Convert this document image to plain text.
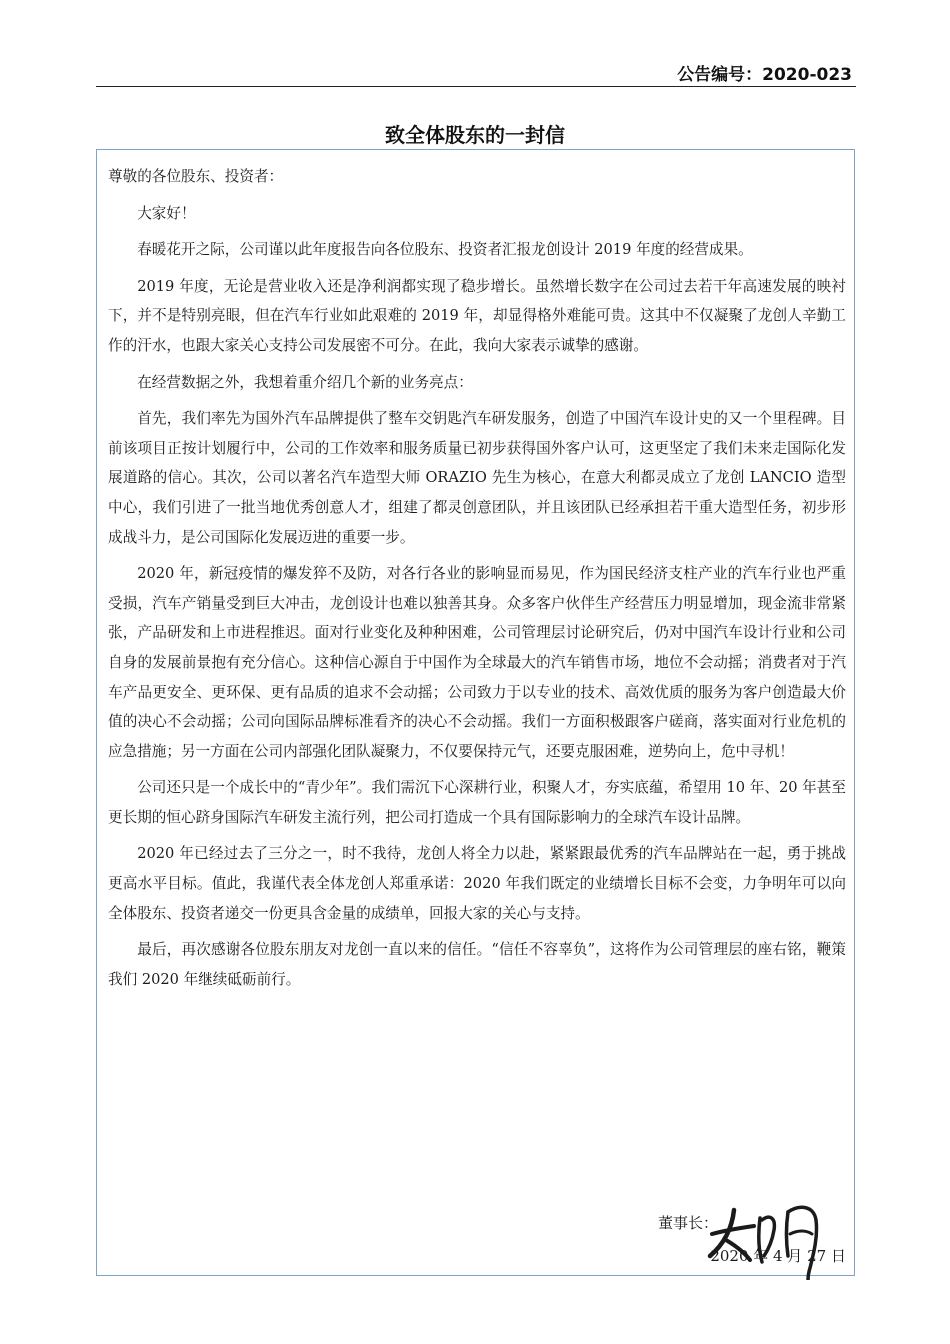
公告编号：2020-023
致全体股东的一封信

尊敬的各位股东、投资者：

大家好！

春暖花开之际，公司谨以此年度报告向各位股东、投资者汇报龙创设计 2019 年度的经营成果。

2019 年度，无论是营业收入还是净利润都实现了稳步增长。虽然增长数字在公司过去若干年高速发展的映衬下，并不是特别亮眼，但在汽车行业如此艰难的 2019 年，却显得格外难能可贵。这其中不仅凝聚了龙创人辛勤工作的汗水，也跟大家关心支持公司发展密不可分。在此，我向大家表示诚挚的感谢。

在经营数据之外，我想着重介绍几个新的业务亮点：

首先，我们率先为国外汽车品牌提供了整车交钥匙汽车研发服务，创造了中国汽车设计史的又一个里程碑。目前该项目正按计划履行中，公司的工作效率和服务质量已初步获得国外客户认可，这更坚定了我们未来走国际化发展道路的信心。其次，公司以著名汽车造型大师 ORAZIO 先生为核心，在意大利都灵成立了龙创 LANCIO 造型中心，我们引进了一批当地优秀创意人才，组建了都灵创意团队，并且该团队已经承担若干重大造型任务，初步形成战斗力，是公司国际化发展迈进的重要一步。

2020 年，新冠疫情的爆发猝不及防，对各行各业的影响显而易见，作为国民经济支柱产业的汽车行业也严重受损，汽车产销量受到巨大冲击，龙创设计也难以独善其身。众多客户伙伴生产经营压力明显增加，现金流非常紧张，产品研发和上市进程推迟。面对行业变化及种种困难，公司管理层讨论研究后，仍对中国汽车设计行业和公司自身的发展前景抱有充分信心。这种信心源自于中国作为全球最大的汽车销售市场，地位不会动摇；消费者对于汽车产品更安全、更环保、更有品质的追求不会动摇；公司致力于以专业的技术、高效优质的服务为客户创造最大价值的决心不会动摇；公司向国际品牌标准看齐的决心不会动摇。我们一方面积极跟客户磋商，落实面对行业危机的应急措施；另一方面在公司内部强化团队凝聚力，不仅要保持元气，还要克服困难，逆势向上，危中寻机！

公司还只是一个成长中的“青少年”。我们需沉下心深耕行业，积聚人才，夯实底蕴，希望用 10 年、20 年甚至更长期的恒心跻身国际汽车研发主流行列，把公司打造成一个具有国际影响力的全球汽车设计品牌。

2020 年已经过去了三分之一，时不我待，龙创人将全力以赴，紧紧跟最优秀的汽车品牌站在一起，勇于挑战更高水平目标。值此，我谨代表全体龙创人郑重承诺：2020 年我们既定的业绩增长目标不会变，力争明年可以向全体股东、投资者递交一份更具含金量的成绩单，回报大家的关心与支持。

最后，再次感谢各位股东朋友对龙创一直以来的信任。“信任不容辜负”，这将作为公司管理层的座右铭，鞭策我们 2020 年继续砥砺前行。

董事长：
2020 年 4 月 27 日
